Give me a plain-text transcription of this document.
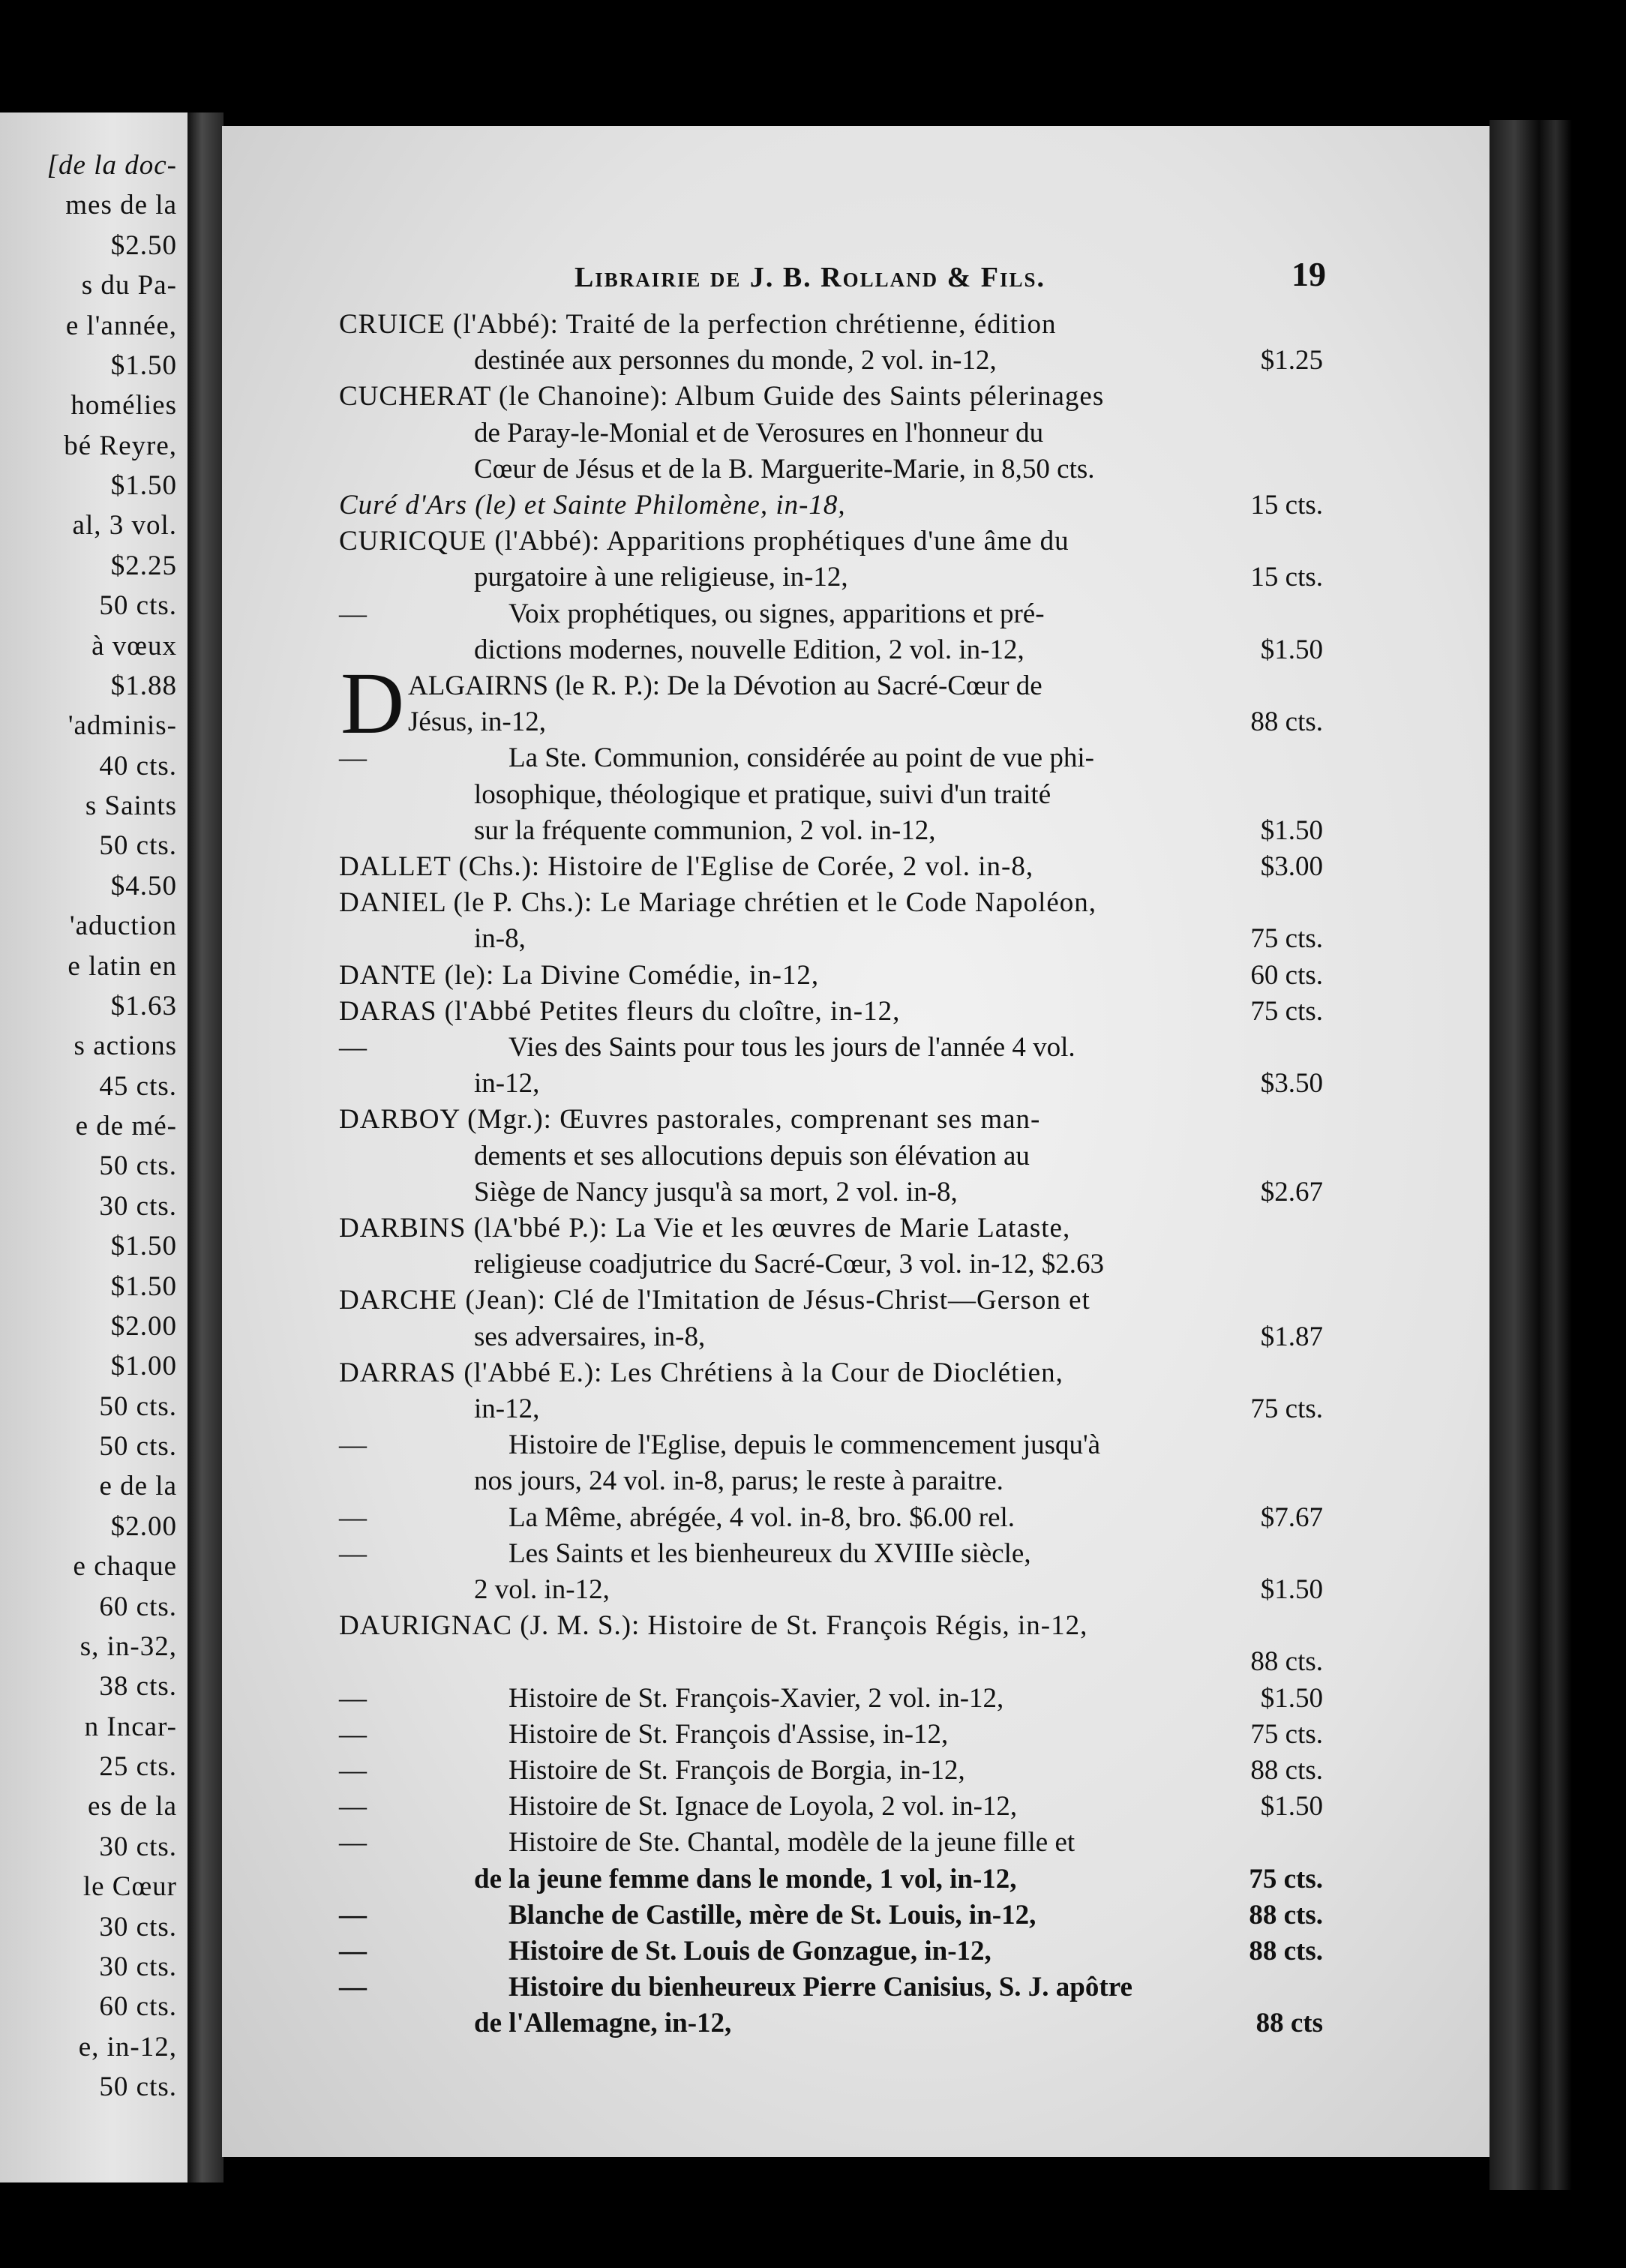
[de la doc-
mes de la
$2.50
s du Pa-
e l'année,
$1.50
homélies
bé Reyre,
$1.50
al, 3 vol.
$2.25
50 cts.
à vœux
$1.88
'adminis-
40 cts.
s Saints
50 cts.
$4.50
'aduction
e latin en
$1.63
s actions
45 cts.
e de mé-
50 cts.
30 cts.
$1.50
$1.50
$2.00
$1.00
50 cts.
50 cts.
e de la
$2.00
e chaque
60 cts.
s, in-32,
38 cts.
n Incar-
25 cts.
es de la
30 cts.
le Cœur
30 cts.
30 cts.
60 cts.
e, in-12,
50 cts.
Librairie de J. B. Rolland & Fils.	19
CRUICE (l'Abbé): Traité de la perfection chrétienne, édition
destinée aux personnes du monde, 2 vol. in-12,	$1.25
CUCHERAT (le Chanoine): Album Guide des Saints pélerinages
de Paray-le-Monial et de Verosures en l'honneur du
Cœur de Jésus et de la B. Marguerite-Marie, in 8,50 cts.
Curé d'Ars (le) et Sainte Philomène, in-18,	15 cts.
CURICQUE (l'Abbé): Apparitions prophétiques d'une âme du
purgatoire à une religieuse, in-12,	15 cts.
—	Voix prophétiques, ou signes, apparitions et pré-
dictions modernes, nouvelle Edition, 2 vol. in-12,	$1.50
D ALGAIRNS (le R. P.): De la Dévotion au Sacré-Cœur de
Jésus, in-12,	88 cts.
—	La Ste. Communion, considérée au point de vue phi-
losophique, théologique et pratique, suivi d'un traité
sur la fréquente communion, 2 vol. in-12,	$1.50
DALLET (Chs.): Histoire de l'Eglise de Corée, 2 vol. in-8,	$3.00
DANIEL (le P. Chs.): Le Mariage chrétien et le Code Napoléon,
in-8,	75 cts.
DANTE (le): La Divine Comédie, in-12,	60 cts.
DARAS (l'Abbé Petites fleurs du cloître, in-12,	75 cts.
—	Vies des Saints pour tous les jours de l'année 4 vol.
in-12,	$3.50
DARBOY (Mgr.): Œuvres pastorales, comprenant ses man-
dements et ses allocutions depuis son élévation au
Siège de Nancy jusqu'à sa mort, 2 vol. in-8,	$2.67
DARBINS (lA'bbé P.): La Vie et les œuvres de Marie Lataste,
religieuse coadjutrice du Sacré-Cœur, 3 vol. in-12, $2.63
DARCHE (Jean): Clé de l'Imitation de Jésus-Christ—Gerson et
ses adversaires, in-8,	$1.87
DARRAS (l'Abbé E.): Les Chrétiens à la Cour de Dioclétien,
in-12,	75 cts.
—	Histoire de l'Eglise, depuis le commencement jusqu'à
nos jours, 24 vol. in-8, parus; le reste à paraitre.
—	La Même, abrégée, 4 vol. in-8, bro. $6.00 rel.	$7.67
—	Les Saints et les bienheureux du XVIIIe siècle,
2 vol. in-12,	$1.50
DAURIGNAC (J. M. S.): Histoire de St. François Régis, in-12,
88 cts.
—	Histoire de St. François-Xavier, 2 vol. in-12,	$1.50
—	Histoire de St. François d'Assise, in-12,	75 cts.
—	Histoire de St. François de Borgia, in-12,	88 cts.
—	Histoire de St. Ignace de Loyola, 2 vol. in-12,	$1.50
—	Histoire de Ste. Chantal, modèle de la jeune fille et
de la jeune femme dans le monde, 1 vol, in-12,	75 cts.
—	Blanche de Castille, mère de St. Louis, in-12,	88 cts.
—	Histoire de St. Louis de Gonzague, in-12,	88 cts.
—	Histoire du bienheureux Pierre Canisius, S. J. apôtre
de l'Allemagne, in-12,	88 cts
